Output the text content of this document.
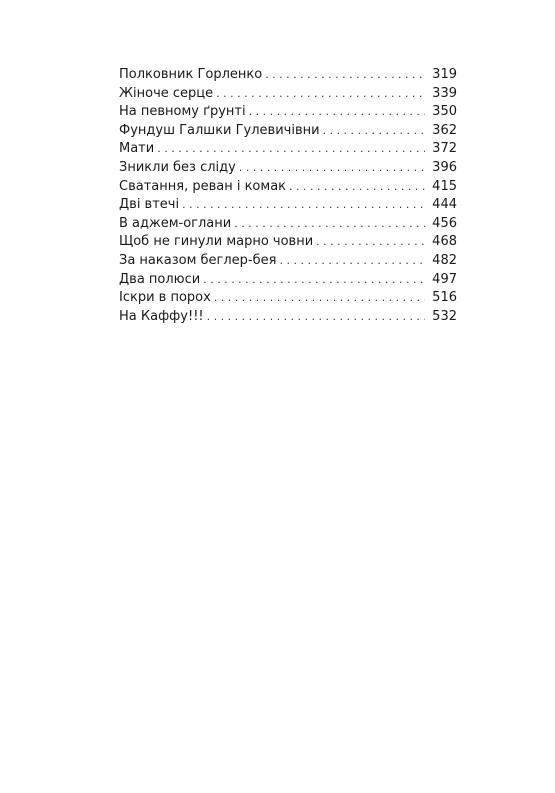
Полковник Горленко . . .	319
Жіноче серце . . .	339
На певному ґрунті . . .	350
Фундуш Галшки Гулевичівни . . .	362
Мати . . .	372
Зникли без сліду . . .	396
Сватання, реван і комак . . .	415
Дві втечі . . .	444
В аджем-оглани . . .	456
Щоб не гинули марно човни . . .	468
За наказом беглер-бея . . .	482
Два полюси . . .	497
Іскри в порох . . .	516
На Каффу!!! . . .	532
